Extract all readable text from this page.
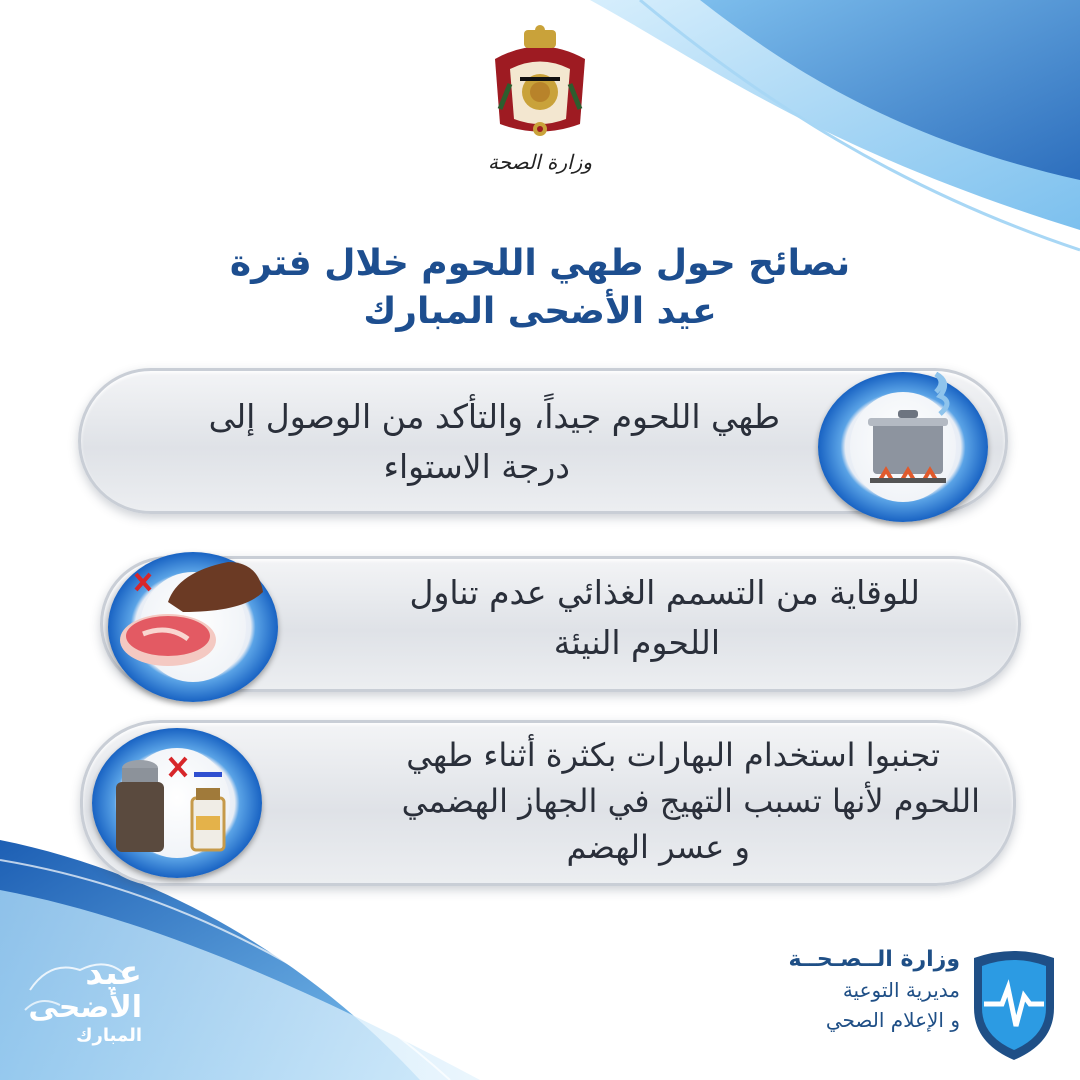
وزارة الصحة
نصائح حول طهي اللحوم خلال فترة
عيد الأضحى المبارك
طهي اللحوم جيداً، والتأكد من الوصول إلى
درجة الاستواء
للوقاية من التسمم الغذائي عدم تناول
اللحوم النيئة
تجنبوا استخدام البهارات بكثرة أثناء طهي
اللحوم لأنها تسبب التهيج في الجهاز الهضمي
و عسر الهضم
وزارة الــصـحــة
مديرية التوعية
و الإعلام الصحي
عيد
الأضحى
المبارك
